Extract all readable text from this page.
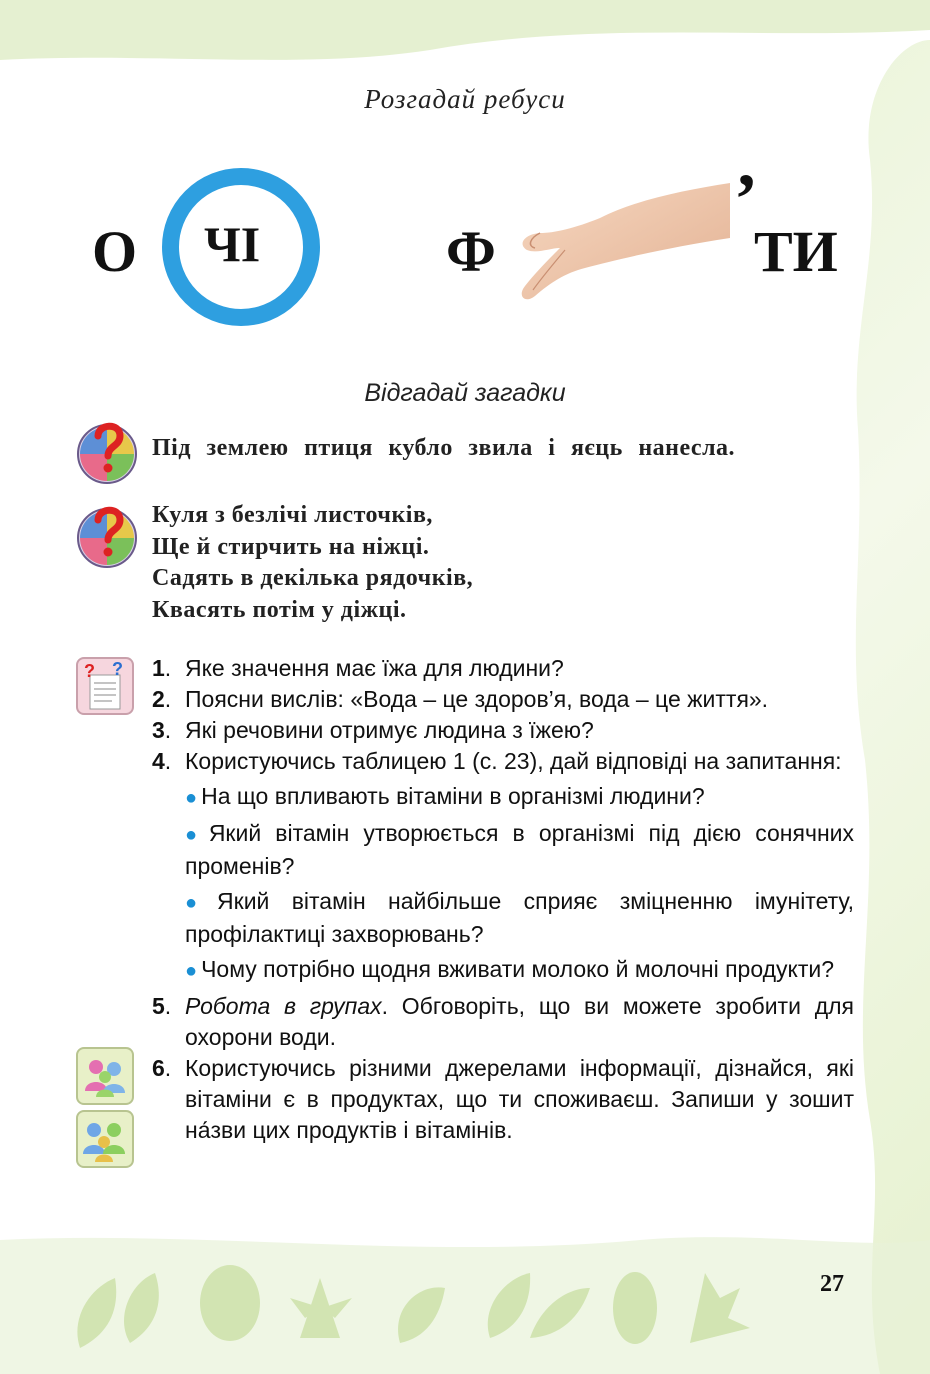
Розгадай ребуси
О ЧІ	Ф
’
ТИ
Відгадай загадки
Під землею птиця кубло звила і яєць нанесла.
Куля з безлічі листочків,
Ще й стирчить на ніжці.
Садять в декілька рядочків,
Квасять потім у діжці.
? ? 1 . Яке значення має їжа для людини?
2 . Поясни вислів: «Вода – це здоров’я, вода – це життя».
3 . Які речовини отримує людина з їжею?
4 . Користуючись таблицею 1 (с. 23), дай відповіді на запитання:
● На що впливають вітаміни в організмі людини?
● Який вітамін утворюється в організмі під дією сонячних променів?
● Який вітамін найбільше сприяє зміцненню імунітету, профілактиці захворювань?
● Чому потрібно щодня вживати молоко й молочні продукти?
5 . Робота в групах. Обговоріть, що ви можете зробити для охорони води.
6 . Користуючись різними джерелами інформації, дізнайся, які вітаміни є в продуктах, що ти споживаєш. Запиши у зошит на́зви цих продуктів і вітамінів.
27
